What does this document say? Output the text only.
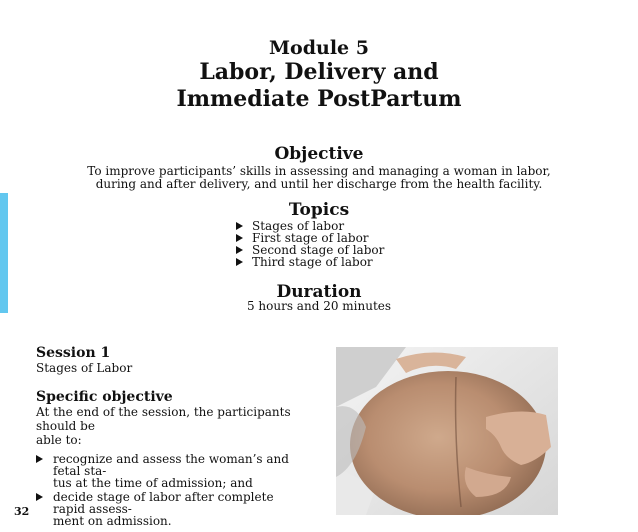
Module 5
Labor, Delivery and
Immediate PostPartum
Objective
To improve participants’ skills in assessing and managing a woman in labor,
during and after delivery, and until her discharge from the health facility.
Topics
Stages of labor
First stage of labor
Second stage of labor
Third stage of labor
Duration
5 hours and 20 minutes
Session 1
Stages of Labor
Specific objective
At the end of the session, the participants should be
able to:
recognize and assess the woman’s and fetal sta-
tus at the time of admission; and
decide stage of labor after complete rapid assess-
ment on admission.
32
